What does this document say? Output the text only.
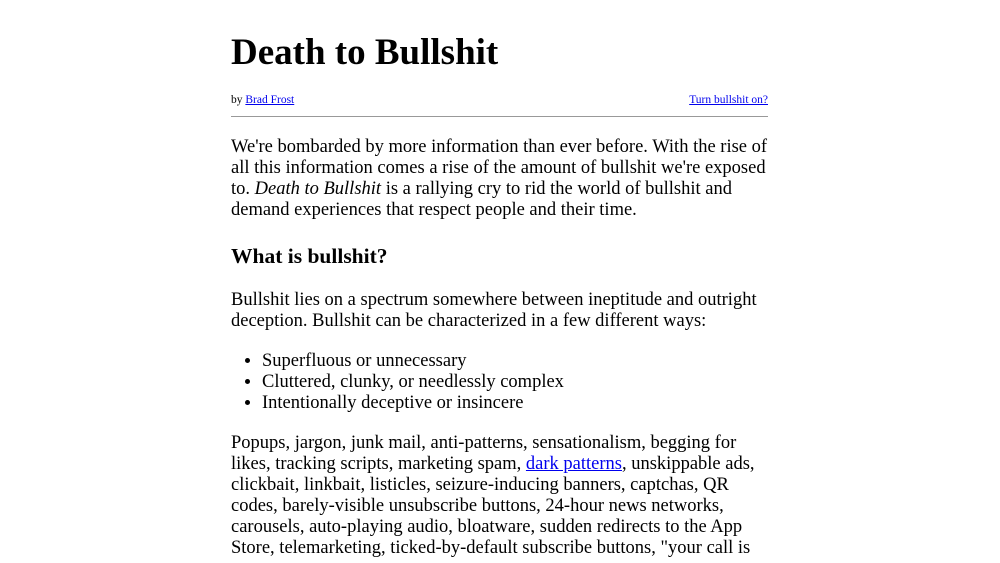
Death to Bullshit
by Brad Frost	Turn bullshit on?

We're bombarded by more information than ever before. With the rise of all this information comes a rise of the amount of bullshit we're exposed to. Death to Bullshit is a rallying cry to rid the world of bullshit and demand experiences that respect people and their time.

What is bullshit?

Bullshit lies on a spectrum somewhere between ineptitude and outright deception. Bullshit can be characterized in a few different ways:

• Superfluous or unnecessary
• Cluttered, clunky, or needlessly complex
• Intentionally deceptive or insincere

Popups, jargon, junk mail, anti-patterns, sensationalism, begging for likes, tracking scripts, marketing spam, dark patterns, unskippable ads, clickbait, linkbait, listicles, seizure-inducing banners, captchas, QR codes, barely-visible unsubscribe buttons, 24-hour news networks, carousels, auto-playing audio, bloatware, sudden redirects to the App Store, telemarketing, ticked-by-default subscribe buttons, "your call is
